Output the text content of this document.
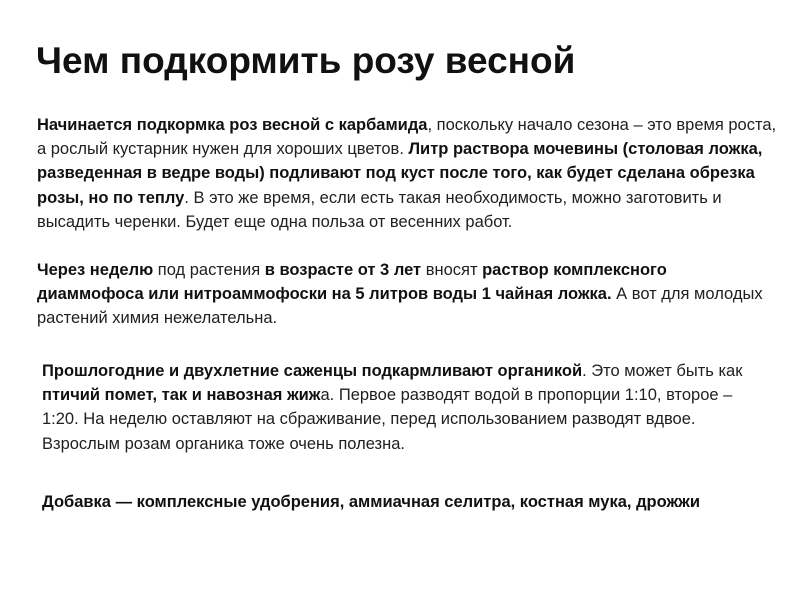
Чем подкормить розу весной

Начинается подкормка роз весной с карбамида, поскольку начало сезона – это время роста, а рослый кустарник нужен для хороших цветов. Литр раствора мочевины (столовая ложка, разведенная в ведре воды) подливают под куст после того, как будет сделана обрезка розы, но по теплу. В это же время, если есть такая необходимость, можно заготовить и высадить черенки. Будет еще одна польза от весенних работ.

Через неделю под растения в возрасте от 3 лет вносят раствор комплексного диаммофоса или нитроаммофоски на 5 литров воды 1 чайная ложка. А вот для молодых растений химия нежелательна.

Прошлогодние и двухлетние саженцы подкармливают органикой. Это может быть как птичий помет, так и навозная жижа. Первое разводят водой в пропорции 1:10, второе – 1:20. На неделю оставляют на сбраживание, перед использованием разводят вдвое. Взрослым розам органика тоже очень полезна.

Добавка — комплексные удобрения, аммиачная селитра, костная мука, дрожжи
